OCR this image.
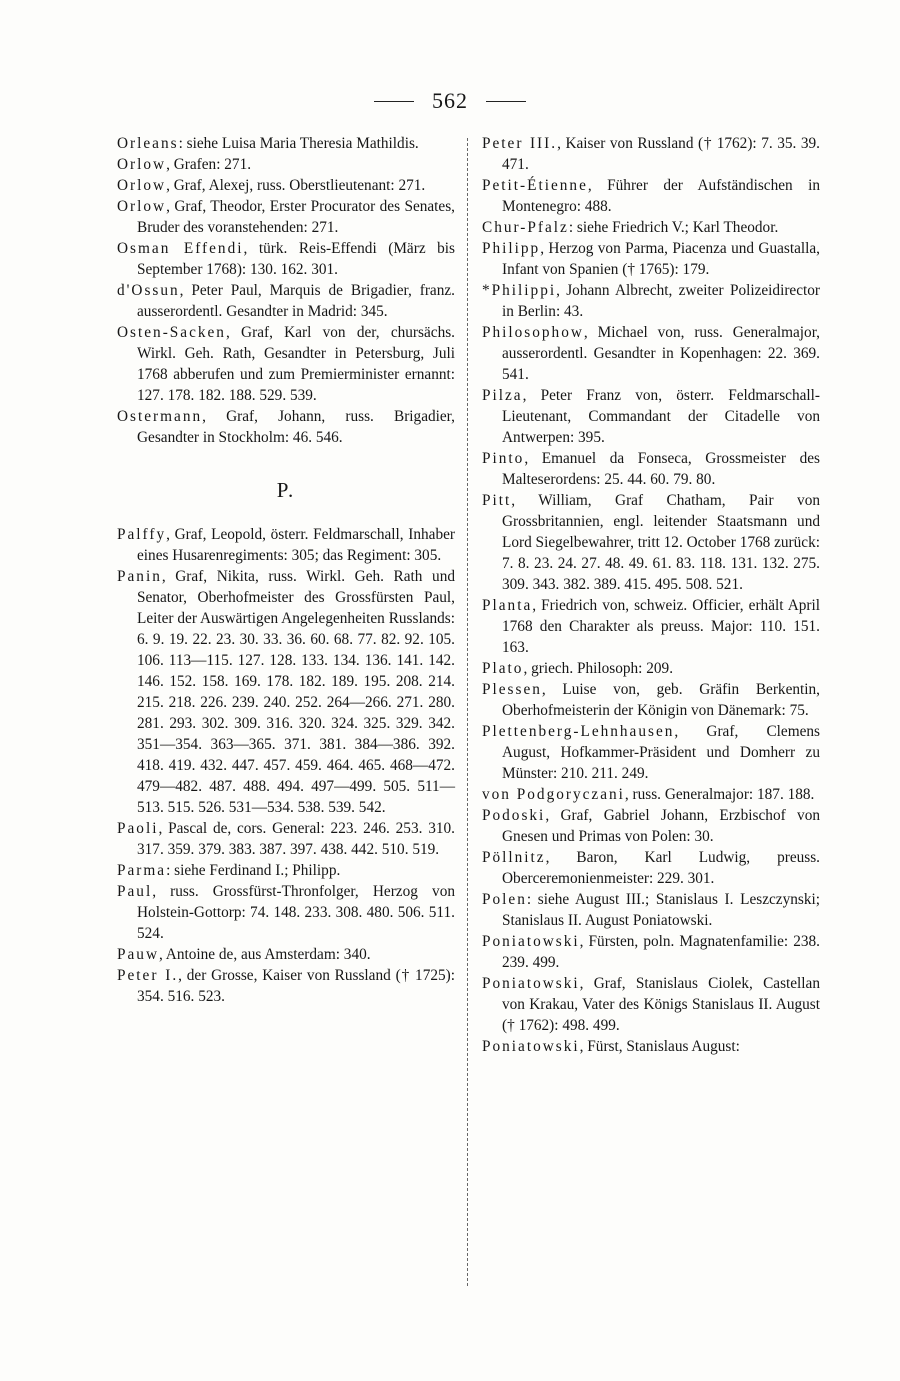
562

Orleans: siehe Luisa Maria Theresia Mathildis.

Orlow, Grafen: 271.

Orlow, Graf, Alexej, russ. Oberstlieutenant: 271.

Orlow, Graf, Theodor, Erster Procurator des Senates, Bruder des voranstehenden: 271.

Osman Effendi, türk. Reis-Effendi (März bis September 1768): 130. 162. 301.

d'Ossun, Peter Paul, Marquis de Brigadier, franz. ausserordentl. Gesandter in Madrid: 345.

Osten-Sacken, Graf, Karl von der, chursächs. Wirkl. Geh. Rath, Gesandter in Petersburg, Juli 1768 abberufen und zum Premierminister ernannt: 127. 178. 182. 188. 529. 539.

Ostermann, Graf, Johann, russ. Brigadier, Gesandter in Stockholm: 46. 546.

P.

Palffy, Graf, Leopold, österr. Feldmarschall, Inhaber eines Husarenregiments: 305; das Regiment: 305.

Panin, Graf, Nikita, russ. Wirkl. Geh. Rath und Senator, Oberhofmeister des Grossfürsten Paul, Leiter der Auswärtigen Angelegenheiten Russlands: 6. 9. 19. 22. 23. 30. 33. 36. 60. 68. 77. 82. 92. 105. 106. 113—115. 127. 128. 133. 134. 136. 141. 142. 146. 152. 158. 169. 178. 182. 189. 195. 208. 214. 215. 218. 226. 239. 240. 252. 264—266. 271. 280. 281. 293. 302. 309. 316. 320. 324. 325. 329. 342. 351—354. 363—365. 371. 381. 384—386. 392. 418. 419. 432. 447. 457. 459. 464. 465. 468—472. 479—482. 487. 488. 494. 497—499. 505. 511—513. 515. 526. 531—534. 538. 539. 542.

Paoli, Pascal de, cors. General: 223. 246. 253. 310. 317. 359. 379. 383. 387. 397. 438. 442. 510. 519.

Parma: siehe Ferdinand I.; Philipp.

Paul, russ. Grossfürst-Thronfolger, Herzog von Holstein-Gottorp: 74. 148. 233. 308. 480. 506. 511. 524.

Pauw, Antoine de, aus Amsterdam: 340.

Peter I., der Grosse, Kaiser von Russland († 1725): 354. 516. 523.

Peter III., Kaiser von Russland († 1762): 7. 35. 39. 471.

Petit-Étienne, Führer der Aufständischen in Montenegro: 488.

Chur-Pfalz: siehe Friedrich V.; Karl Theodor.

Philipp, Herzog von Parma, Piacenza und Guastalla, Infant von Spanien († 1765): 179.

*Philippi, Johann Albrecht, zweiter Polizeidirector in Berlin: 43.

Philosophow, Michael von, russ. Generalmajor, ausserordentl. Gesandter in Kopenhagen: 22. 369. 541.

Pilza, Peter Franz von, österr. Feldmarschall-Lieutenant, Commandant der Citadelle von Antwerpen: 395.

Pinto, Emanuel da Fonseca, Grossmeister des Malteserordens: 25. 44. 60. 79. 80.

Pitt, William, Graf Chatham, Pair von Grossbritannien, engl. leitender Staatsmann und Lord Siegelbewahrer, tritt 12. October 1768 zurück: 7. 8. 23. 24. 27. 48. 49. 61. 83. 118. 131. 132. 275. 309. 343. 382. 389. 415. 495. 508. 521.

Planta, Friedrich von, schweiz. Officier, erhält April 1768 den Charakter als preuss. Major: 110. 151. 163.

Plato, griech. Philosoph: 209.

Plessen, Luise von, geb. Gräfin Berkentin, Oberhofmeisterin der Königin von Dänemark: 75.

Plettenberg-Lehnhausen, Graf, Clemens August, Hofkammer-Präsident und Domherr zu Münster: 210. 211. 249.

von Podgoryczani, russ. Generalmajor: 187. 188.

Podoski, Graf, Gabriel Johann, Erzbischof von Gnesen und Primas von Polen: 30.

Pöllnitz, Baron, Karl Ludwig, preuss. Oberceremonienmeister: 229. 301.

Polen: siehe August III.; Stanislaus I. Leszczynski; Stanislaus II. August Poniatowski.

Poniatowski, Fürsten, poln. Magnatenfamilie: 238. 239. 499.

Poniatowski, Graf, Stanislaus Ciolek, Castellan von Krakau, Vater des Königs Stanislaus II. August († 1762): 498. 499.

Poniatowski, Fürst, Stanislaus August:
